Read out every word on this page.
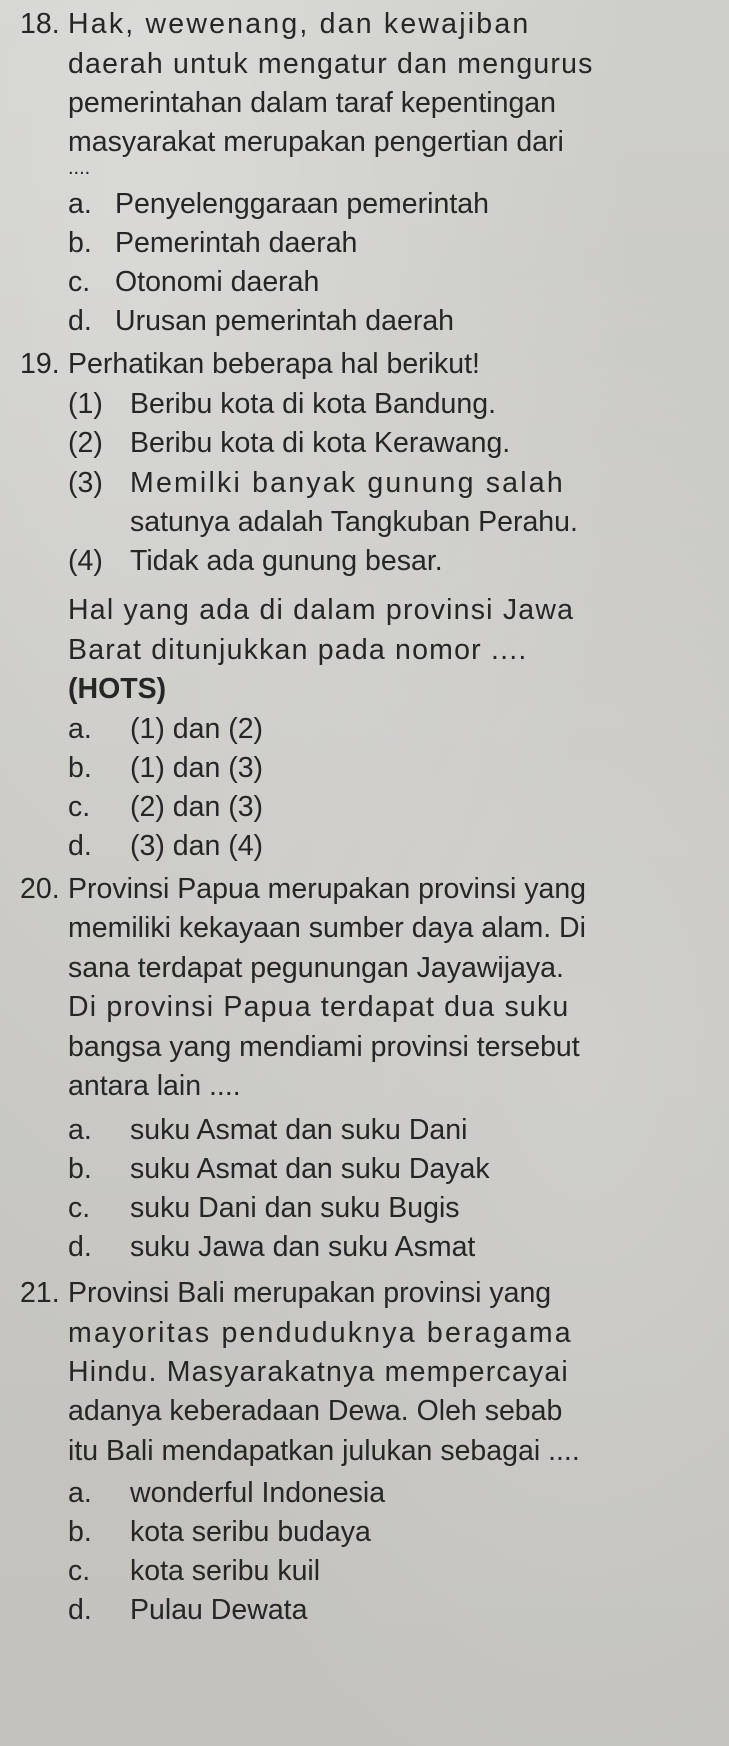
18. Hak, wewenang, dan kewajiban
daerah untuk mengatur dan mengurus
pemerintahan dalam taraf kepentingan
masyarakat merupakan pengertian dari
....
a. Penyelenggaraan pemerintah
b. Pemerintah daerah
c. Otonomi daerah
d. Urusan pemerintah daerah
19. Perhatikan beberapa hal berikut!
(1) Beribu kota di kota Bandung.
(2) Beribu kota di kota Kerawang.
(3) Memilki banyak gunung salah
satunya adalah Tangkuban Perahu.
(4) Tidak ada gunung besar.
Hal yang ada di dalam provinsi Jawa
Barat ditunjukkan pada nomor ....
(HOTS)
a. (1) dan (2)
b. (1) dan (3)
c. (2) dan (3)
d. (3) dan (4)
20. Provinsi Papua merupakan provinsi yang
memiliki kekayaan sumber daya alam. Di
sana terdapat pegunungan Jayawijaya.
Di provinsi Papua terdapat dua suku
bangsa yang mendiami provinsi tersebut
antara lain ....
a. suku Asmat dan suku Dani
b. suku Asmat dan suku Dayak
c. suku Dani dan suku Bugis
d. suku Jawa dan suku Asmat
21. Provinsi Bali merupakan provinsi yang
mayoritas penduduknya beragama
Hindu. Masyarakatnya mempercayai
adanya keberadaan Dewa. Oleh sebab
itu Bali mendapatkan julukan sebagai ....
a. wonderful Indonesia
b. kota seribu budaya
c. kota seribu kuil
d. Pulau Dewata
